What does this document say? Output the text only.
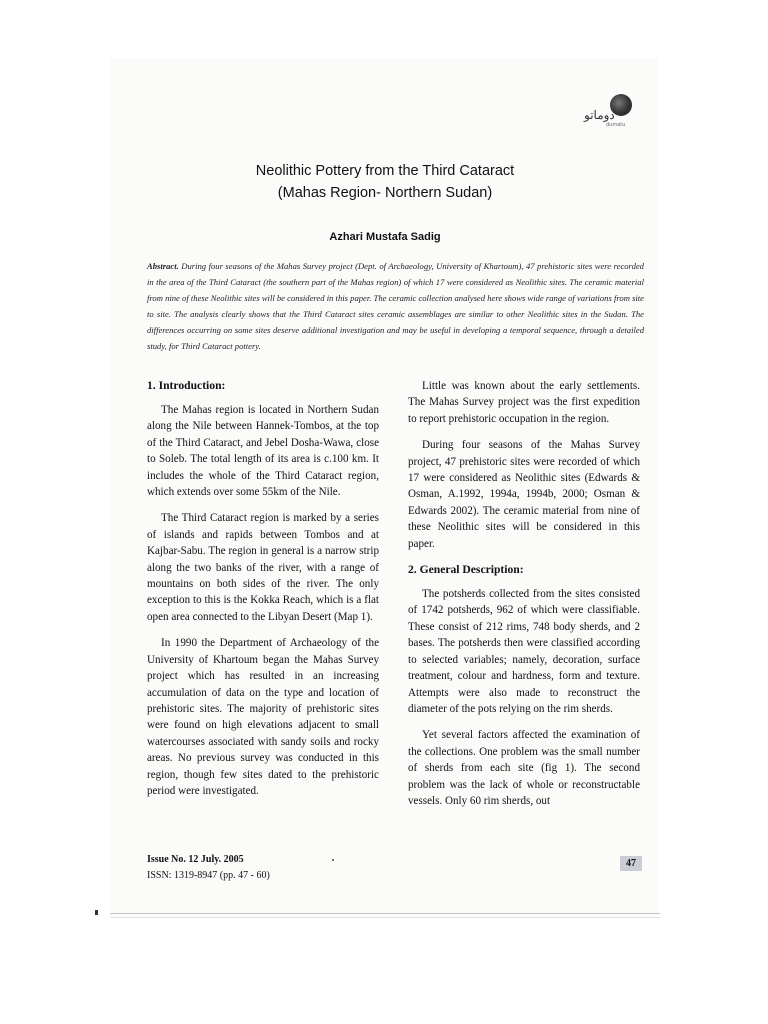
دوماتو
dumatu
Neolithic Pottery from the Third Cataract
(Mahas Region- Northern Sudan)
Azhari Mustafa Sadig
Abstract. During four seasons of the Mahas Survey project (Dept. of Archaeology, University of Khartoum), 47 prehistoric sites were recorded in the area of the Third Cataract (the southern part of the Mahas region) of which 17 were considered as Neolithic sites. The ceramic material from nine of these Neolithic sites will be considered in this paper. The ceramic collection analysed here shows wide range of variations from site to site. The analysis clearly shows that the Third Cataract sites ceramic assemblages are similar to other Neolithic sites in the Sudan. The differences occurring on some sites deserve additional investigation and may be useful in developing a temporal sequence, through a detailed study, for Third Cataract pottery.
1. Introduction:

The Mahas region is located in Northern Sudan along the Nile between Hannek-Tombos, at the top of the Third Cataract, and Jebel Dosha-Wawa, close to Soleb. The total length of its area is c.100 km. It includes the whole of the Third Cataract region, which extends over some 55km of the Nile.

The Third Cataract region is marked by a series of islands and rapids between Tombos and at Kajbar-Sabu. The region in general is a narrow strip along the two banks of the river, with a range of mountains on both sides of the river. The only exception to this is the Kokka Reach, which is a flat open area connected to the Libyan Desert (Map 1).

In 1990 the Department of Archaeology of the University of Khartoum began the Mahas Survey project which has resulted in an increasing accumulation of data on the type and location of prehistoric sites. The majority of prehistoric sites were found on high elevations adjacent to small watercourses associated with sandy soils and rocky areas. No previous survey was conducted in this region, though few sites dated to the prehistoric period were investigated.

Little was known about the early settlements. The Mahas Survey project was the first expedition to report prehistoric occupation in the region.

During four seasons of the Mahas Survey project, 47 prehistoric sites were recorded of which 17 were considered as Neolithic sites (Edwards & Osman, A.1992, 1994a, 1994b, 2000; Osman & Edwards 2002). The ceramic material from nine of these Neolithic sites will be considered in this paper.

2. General Description:

The potsherds collected from the sites consisted of 1742 potsherds, 962 of which were classifiable. These consist of 212 rims, 748 body sherds, and 2 bases. The potsherds then were classified according to selected variables; namely, decoration, surface treatment, colour and hardness, form and texture. Attempts were also made to reconstruct the diameter of the pots relying on the rim sherds.

Yet several factors affected the examination of the collections. One problem was the small number of sherds from each site (fig 1). The second problem was the lack of whole or reconstructable vessels. Only 60 rim sherds, out

Issue No. 12 July. 2005
ISSN: 1319-8947 (pp. 47 - 60)
47
